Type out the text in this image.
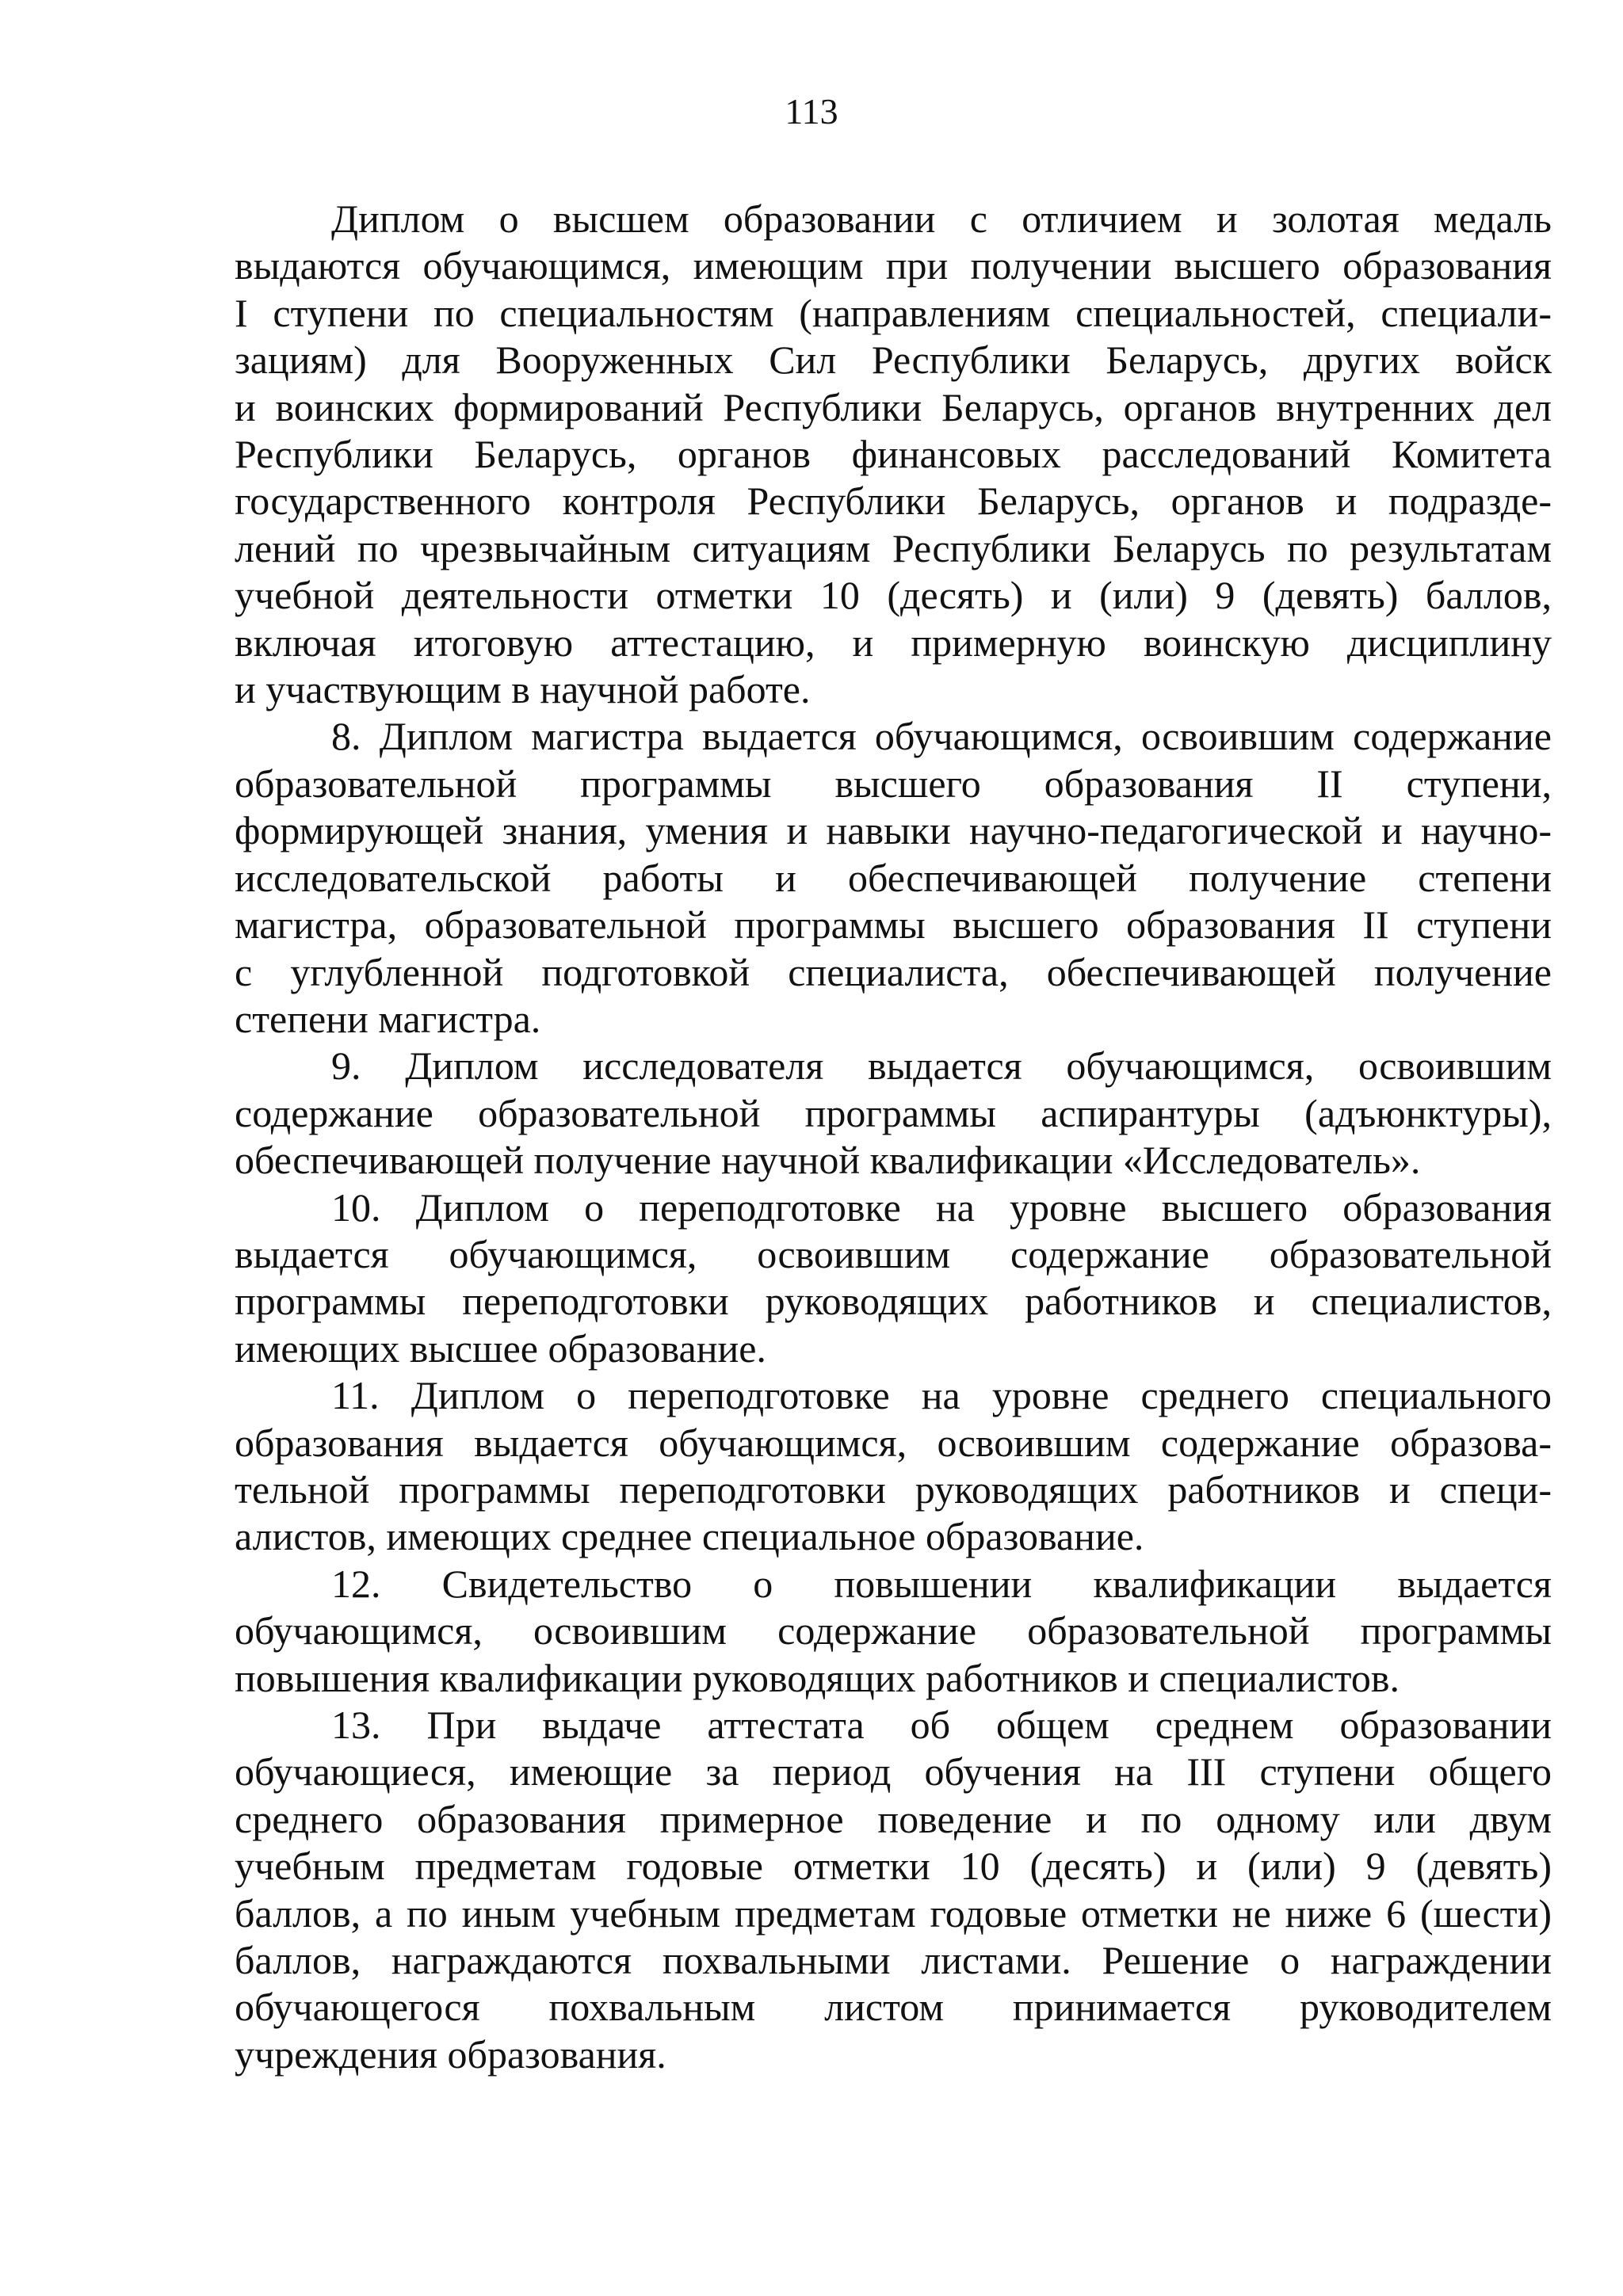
113

Диплом о высшем образовании с отличием и золотая медаль
выдаются обучающимся, имеющим при получении высшего образования
I ступени по специальностям (направлениям специальностей, специали-
зациям) для Вооруженных Сил Республики Беларусь, других войск
и воинских формирований Республики Беларусь, органов внутренних дел
Республики Беларусь, органов финансовых расследований Комитета
государственного контроля Республики Беларусь, органов и подразде-
лений по чрезвычайным ситуациям Республики Беларусь по результатам
учебной деятельности отметки 10 (десять) и (или) 9 (девять) баллов,
включая итоговую аттестацию, и примерную воинскую дисциплину
и участвующим в научной работе.

8. Диплом магистра выдается обучающимся, освоившим содержание
образовательной программы высшего образования II ступени,
формирующей знания, умения и навыки научно-педагогической и научно-
исследовательской работы и обеспечивающей получение степени
магистра, образовательной программы высшего образования II ступени
с углубленной подготовкой специалиста, обеспечивающей получение
степени магистра.

9. Диплом исследователя выдается обучающимся, освоившим
содержание образовательной программы аспирантуры (адъюнктуры),
обеспечивающей получение научной квалификации «Исследователь».

10. Диплом о переподготовке на уровне высшего образования
выдается обучающимся, освоившим содержание образовательной
программы переподготовки руководящих работников и специалистов,
имеющих высшее образование.

11. Диплом о переподготовке на уровне среднего специального
образования выдается обучающимся, освоившим содержание образова-
тельной программы переподготовки руководящих работников и специ-
алистов, имеющих среднее специальное образование.

12. Свидетельство о повышении квалификации выдается
обучающимся, освоившим содержание образовательной программы
повышения квалификации руководящих работников и специалистов.

13. При выдаче аттестата об общем среднем образовании
обучающиеся, имеющие за период обучения на III ступени общего
среднего образования примерное поведение и по одному или двум
учебным предметам годовые отметки 10 (десять) и (или) 9 (девять)
баллов, а по иным учебным предметам годовые отметки не ниже 6 (шести)
баллов, награждаются похвальными листами. Решение о награждении
обучающегося похвальным листом принимается руководителем
учреждения образования.
